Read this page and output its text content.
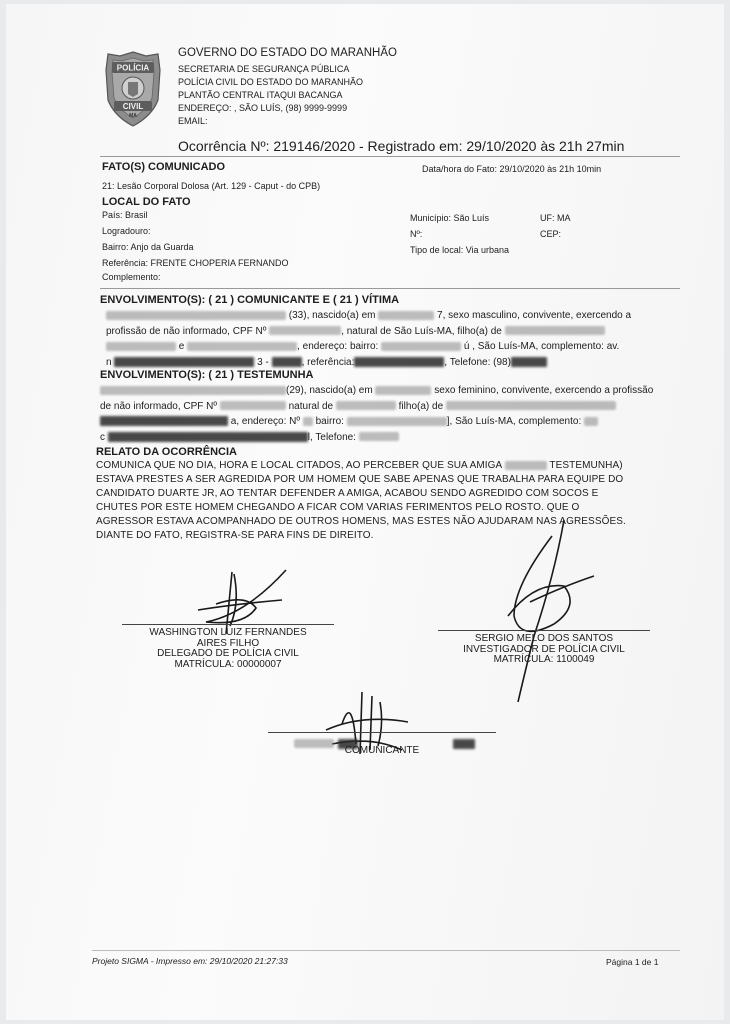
POLÍCIA
CIVIL
MA
GOVERNO DO ESTADO DO MARANHÃO
SECRETARIA DE SEGURANÇA PÚBLICA
POLÍCIA CIVIL DO ESTADO DO MARANHÃO
PLANTÃO CENTRAL ITAQUI BACANGA
ENDEREÇO: , SÃO LUÍS, (98) 9999-9999
EMAIL:
Ocorrência Nº: 219146/2020 - Registrado em: 29/10/2020 às 21h 27min
FATO(S) COMUNICADO	Data/hora do Fato: 29/10/2020 às 21h 10min
21: Lesão Corporal Dolosa (Art. 129 - Caput - do CPB)
LOCAL DO FATO
País: Brasil
Logradouro:
Bairro: Anjo da Guarda
Referência: FRENTE CHOPERIA FERNANDO
Complemento:
Município: São Luís
Nº:
Tipo de local: Via urbana
UF: MA
CEP:
ENVOLVIMENTO(S): ( 21 ) COMUNICANTE E ( 21 ) VÍTIMA
(33), nascido(a) em	7, sexo masculino, convivente, exercendo a
profissão de não informado, CPF Nº	, natural de São Luís-MA, filho(a) de
e	, endereço: bairro:	ú , São Luís-MA, complemento: av.
n	3 -	, referência:	, Telefone: (98)
ENVOLVIMENTO(S): ( 21 ) TESTEMUNHA
(29), nascido(a) em	sexo feminino, convivente, exercendo a profissão
de não informado, CPF Nº	natural de	filho(a) de
a, endereço: Nº bairro:	], São Luís-MA, complemento:
c	l, Telefone:
RELATO DA OCORRÊNCIA
COMUNICA QUE NO DIA, HORA E LOCAL CITADOS, AO PERCEBER QUE SUA AMIGA	TESTEMUNHA)
ESTAVA PRESTES A SER AGREDIDA POR UM HOMEM QUE SABE APENAS QUE TRABALHA PARA EQUIPE DO
CANDIDATO DUARTE JR, AO TENTAR DEFENDER A AMIGA, ACABOU SENDO AGREDIDO COM SOCOS E
CHUTES POR ESTE HOMEM CHEGANDO A FICAR COM VARIAS FERIMENTOS PELO ROSTO. QUE O
AGRESSOR ESTAVA ACOMPANHADO DE OUTROS HOMENS, MAS ESTES NÃO AJUDARAM NAS AGRESSÕES.
DIANTE DO FATO, REGISTRA-SE PARA FINS DE DIREITO.
WASHINGTON LUIZ FERNANDES
AIRES FILHO
DELEGADO DE POLÍCIA CIVIL
MATRÍCULA: 00000007
SERGIO MELO DOS SANTOS
INVESTIGADOR DE POLÍCIA CIVIL
MATRÍCULA: 1100049

COMUNICANTE
Projeto SIGMA - Impresso em: 29/10/2020 21:27:33	Página 1 de 1
